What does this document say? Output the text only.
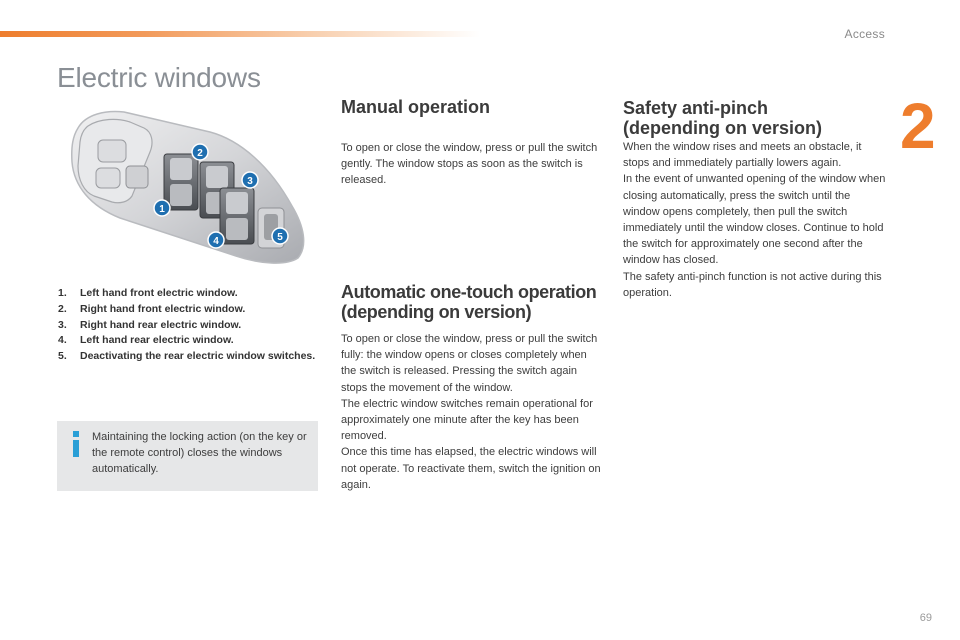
Access
2
Electric windows
1
2
3
4	5
1.	Left hand front electric window.
2.	Right hand front electric window.
3.	Right hand rear electric window.
4.	Left hand rear electric window.
5.	Deactivating the rear electric window switches.
Maintaining the locking action (on the key or the remote control) closes the windows automatically.
Manual operation

To open or close the window, press or pull the switch gently. The window stops as soon as the switch is released.

Automatic one-touch operation
(depending on version)
To open or close the window, press or pull the switch fully: the window opens or closes completely when the switch is released. Pressing the switch again stops the movement of the window.
The electric window switches remain operational for approximately one minute after the key has been removed.
Once this time has elapsed, the electric windows will not operate. To reactivate them, switch the ignition on again.
Safety anti-pinch
(depending on version)
When the window rises and meets an obstacle, it stops and immediately partially lowers again.
In the event of unwanted opening of the window when closing automatically, press the switch until the window opens completely, then pull the switch immediately until the window closes. Continue to hold the switch for approximately one second after the window has closed.
The safety anti-pinch function is not active during this operation.
69
